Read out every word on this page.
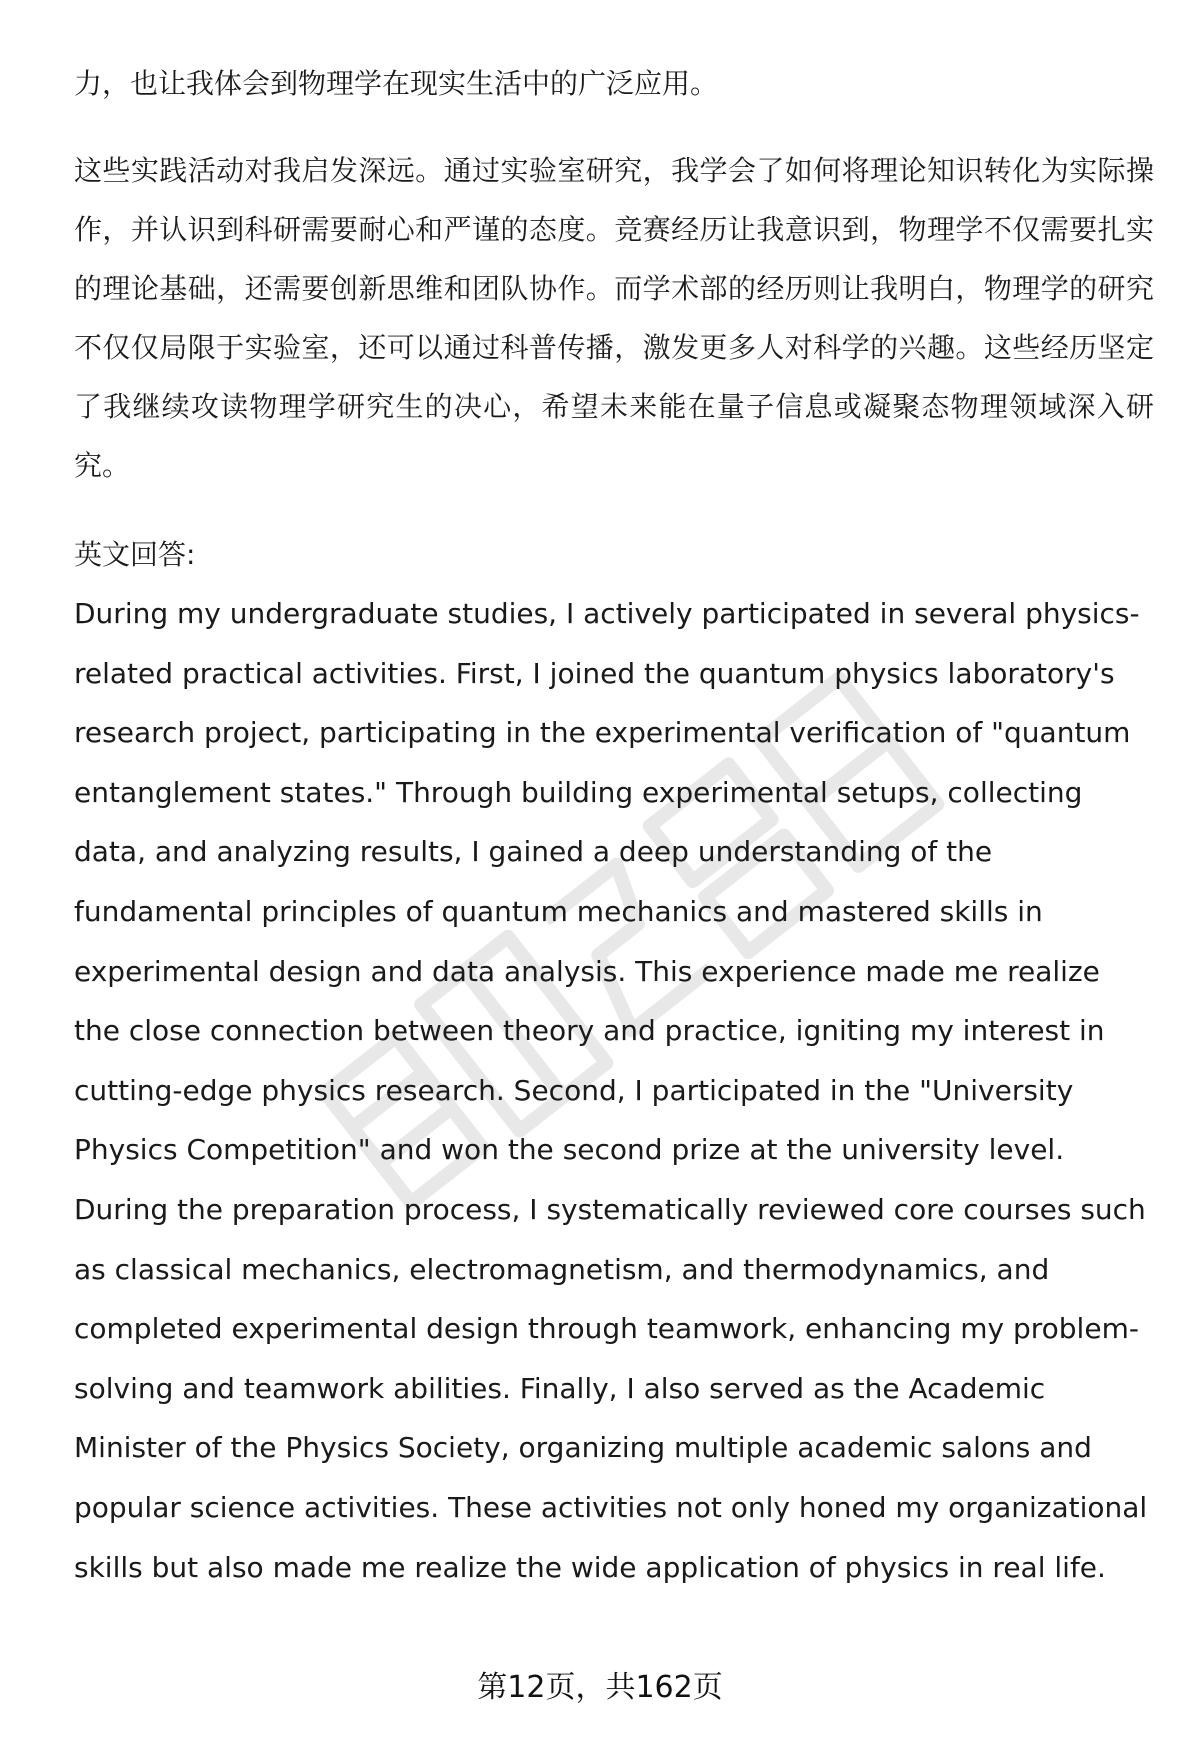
力，也让我体会到物理学在现实生活中的广泛应用。

这些实践活动对我启发深远。通过实验室研究，我学会了如何将理论知识转化为实际操作，并认识到科研需要耐心和严谨的态度。竞赛经历让我意识到，物理学不仅需要扎实的理论基础，还需要创新思维和团队协作。而学术部的经历则让我明白，物理学的研究不仅仅局限于实验室，还可以通过科普传播，激发更多人对科学的兴趣。这些经历坚定了我继续攻读物理学研究生的决心，希望未来能在量子信息或凝聚态物理领域深入研究。

英文回答:

During my undergraduate studies, I actively participated in several physics-related practical activities. First, I joined the quantum physics laboratory's research project, participating in the experimental verification of "quantum entanglement states." Through building experimental setups, collecting data, and analyzing results, I gained a deep understanding of the fundamental principles of quantum mechanics and mastered skills in experimental design and data analysis. This experience made me realize the close connection between theory and practice, igniting my interest in cutting-edge physics research. Second, I participated in the "University Physics Competition" and won the second prize at the university level. During the preparation process, I systematically reviewed core courses such as classical mechanics, electromagnetism, and thermodynamics, and completed experimental design through teamwork, enhancing my problem-solving and teamwork abilities. Finally, I also served as the Academic Minister of the Physics Society, organizing multiple academic salons and popular science activities. These activities not only honed my organizational skills but also made me realize the wide application of physics in real life.

第12页，共162页
